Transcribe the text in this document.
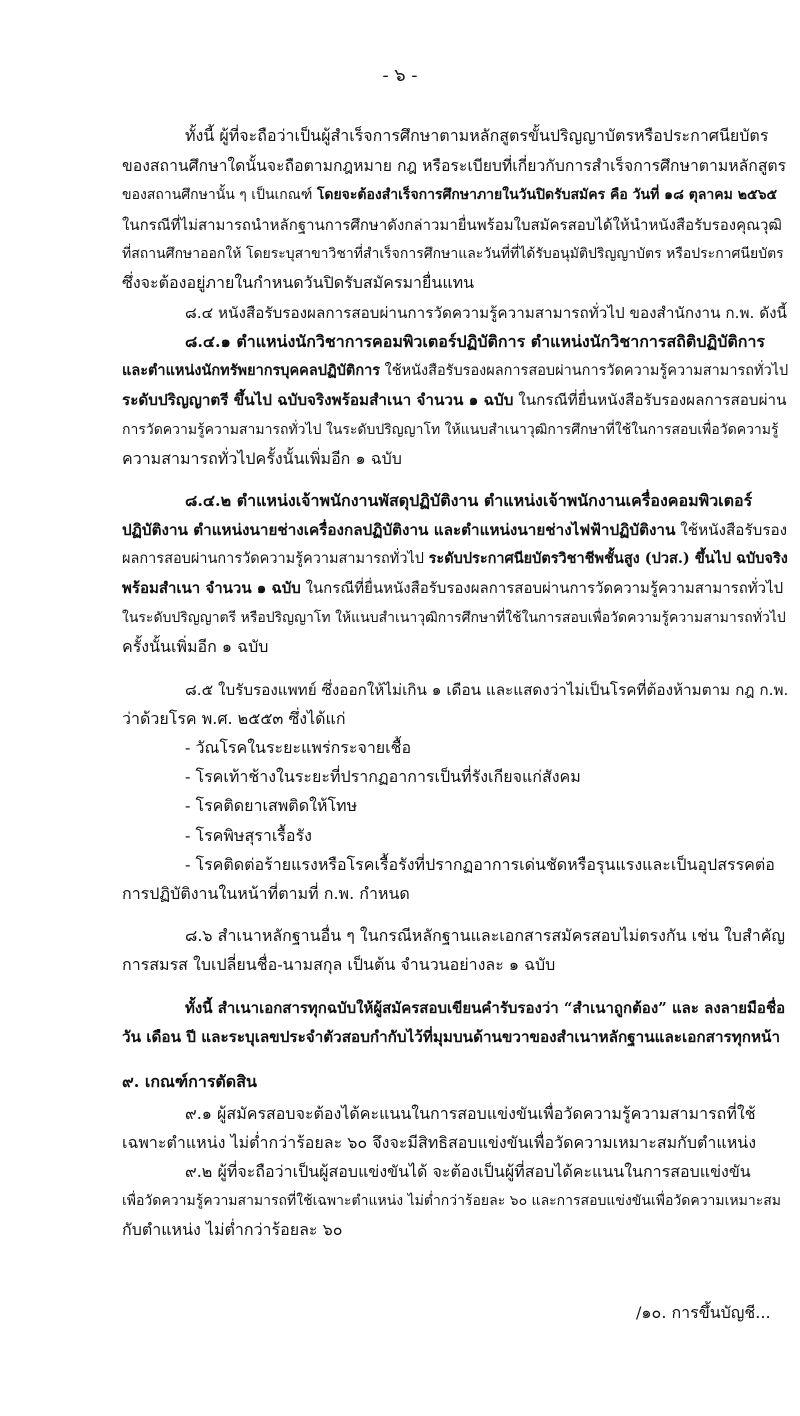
- ๖ -
ทั้งนี้ ผู้ที่จะถือว่าเป็นผู้สำเร็จการศึกษาตามหลักสูตรขั้นปริญญาบัตรหรือประกาศนียบัตร
ของสถานศึกษาใดนั้นจะถือตามกฎหมาย กฎ หรือระเบียบที่เกี่ยวกับการสำเร็จการศึกษาตามหลักสูตร
ของสถานศึกษานั้น ๆ เป็นเกณฑ์ โดยจะต้องสำเร็จการศึกษาภายในวันปิดรับสมัคร คือ วันที่ ๑๘ ตุลาคม ๒๕๖๕
ในกรณีที่ไม่สามารถนำหลักฐานการศึกษาดังกล่าวมายื่นพร้อมใบสมัครสอบได้ให้นำหนังสือรับรองคุณวุฒิ
ที่สถานศึกษาออกให้ โดยระบุสาขาวิชาที่สำเร็จการศึกษาและวันที่ที่ได้รับอนุมัติปริญญาบัตร หรือประกาศนียบัตร
ซึ่งจะต้องอยู่ภายในกำหนดวันปิดรับสมัครมายื่นแทน
๘.๔ หนังสือรับรองผลการสอบผ่านการวัดความรู้ความสามารถทั่วไป ของสำนักงาน ก.พ. ดังนี้
๘.๔.๑ ตำแหน่งนักวิชาการคอมพิวเตอร์ปฏิบัติการ ตำแหน่งนักวิชาการสถิติปฏิบัติการ
และตำแหน่งนักทรัพยากรบุคคลปฏิบัติการ ใช้หนังสือรับรองผลการสอบผ่านการวัดความรู้ความสามารถทั่วไป
ระดับปริญญาตรี ขึ้นไป ฉบับจริงพร้อมสำเนา จำนวน ๑ ฉบับ ในกรณีที่ยื่นหนังสือรับรองผลการสอบผ่าน
การวัดความรู้ความสามารถทั่วไป ในระดับปริญญาโท ให้แนบสำเนาวุฒิการศึกษาที่ใช้ในการสอบเพื่อวัดความรู้
ความสามารถทั่วไปครั้งนั้นเพิ่มอีก ๑ ฉบับ
๘.๔.๒ ตำแหน่งเจ้าพนักงานพัสดุปฏิบัติงาน ตำแหน่งเจ้าพนักงานเครื่องคอมพิวเตอร์
ปฏิบัติงาน ตำแหน่งนายช่างเครื่องกลปฏิบัติงาน และตำแหน่งนายช่างไฟฟ้าปฏิบัติงาน ใช้หนังสือรับรอง
ผลการสอบผ่านการวัดความรู้ความสามารถทั่วไป ระดับประกาศนียบัตรวิชาชีพชั้นสูง (ปวส.) ขึ้นไป ฉบับจริง
พร้อมสำเนา จำนวน ๑ ฉบับ ในกรณีที่ยื่นหนังสือรับรองผลการสอบผ่านการวัดความรู้ความสามารถทั่วไป
ในระดับปริญญาตรี หรือปริญญาโท ให้แนบสำเนาวุฒิการศึกษาที่ใช้ในการสอบเพื่อวัดความรู้ความสามารถทั่วไป
ครั้งนั้นเพิ่มอีก ๑ ฉบับ
๘.๕ ใบรับรองแพทย์ ซึ่งออกให้ไม่เกิน ๑ เดือน และแสดงว่าไม่เป็นโรคที่ต้องห้ามตาม กฎ ก.พ.
ว่าด้วยโรค พ.ศ. ๒๕๕๓ ซึ่งได้แก่
- วัณโรคในระยะแพร่กระจายเชื้อ
- โรคเท้าช้างในระยะที่ปรากฏอาการเป็นที่รังเกียจแก่สังคม
- โรคติดยาเสพติดให้โทษ
- โรคพิษสุราเรื้อรัง
- โรคติดต่อร้ายแรงหรือโรคเรื้อรังที่ปรากฏอาการเด่นชัดหรือรุนแรงและเป็นอุปสรรคต่อ
การปฏิบัติงานในหน้าที่ตามที่ ก.พ. กำหนด
๘.๖ สำเนาหลักฐานอื่น ๆ ในกรณีหลักฐานและเอกสารสมัครสอบไม่ตรงกัน เช่น ใบสำคัญ
การสมรส ใบเปลี่ยนชื่อ-นามสกุล เป็นต้น จำนวนอย่างละ ๑ ฉบับ
ทั้งนี้ สำเนาเอกสารทุกฉบับให้ผู้สมัครสอบเขียนคำรับรองว่า “สำเนาถูกต้อง” และ ลงลายมือชื่อ
วัน เดือน ปี และระบุเลขประจำตัวสอบกำกับไว้ที่มุมบนด้านขวาของสำเนาหลักฐานและเอกสารทุกหน้า
๙. เกณฑ์การตัดสิน
๙.๑ ผู้สมัครสอบจะต้องได้คะแนนในการสอบแข่งขันเพื่อวัดความรู้ความสามารถที่ใช้
เฉพาะตำแหน่ง ไม่ต่ำกว่าร้อยละ ๖๐ จึงจะมีสิทธิสอบแข่งขันเพื่อวัดความเหมาะสมกับตำแหน่ง
๙.๒ ผู้ที่จะถือว่าเป็นผู้สอบแข่งขันได้ จะต้องเป็นผู้ที่สอบได้คะแนนในการสอบแข่งขัน
เพื่อวัดความรู้ความสามารถที่ใช้เฉพาะตำแหน่ง ไม่ต่ำกว่าร้อยละ ๖๐ และการสอบแข่งขันเพื่อวัดความเหมาะสม
กับตำแหน่ง ไม่ต่ำกว่าร้อยละ ๖๐
/๑๐. การขึ้นบัญชี...
